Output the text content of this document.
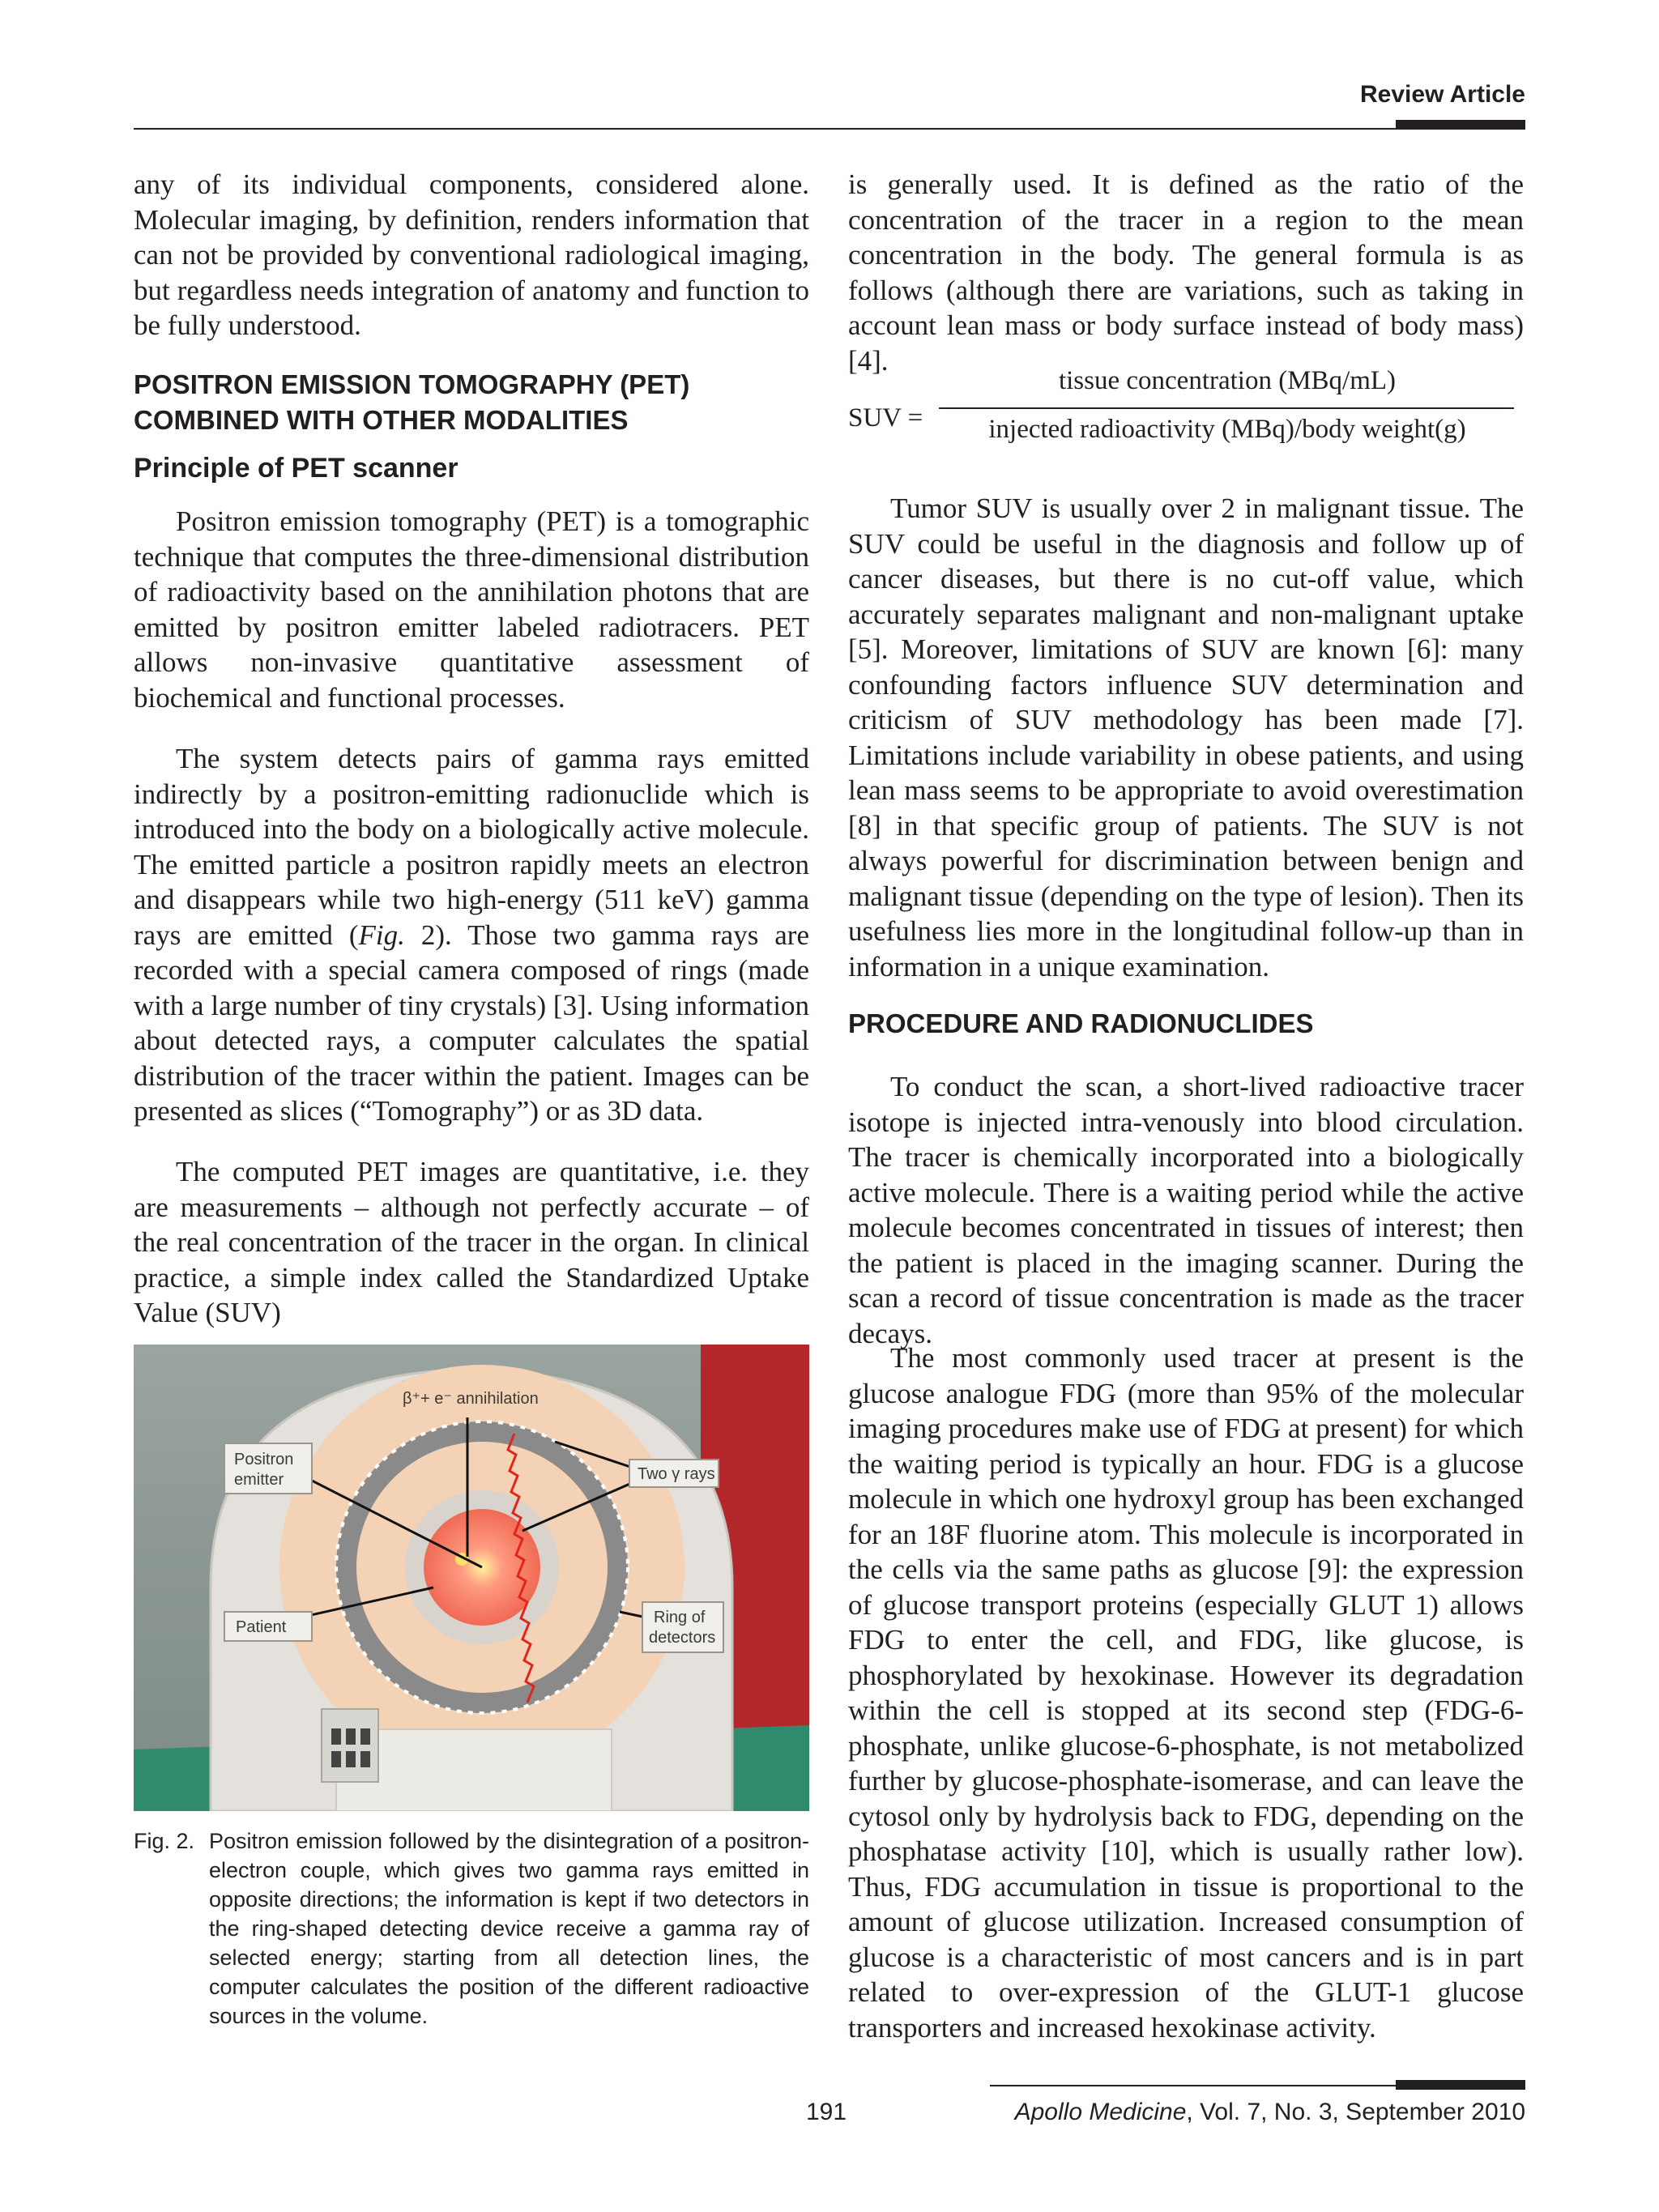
Review Article

any of its individual components, considered alone. Molecular imaging, by definition, renders information that can not be provided by conventional radiological imaging, but regardless needs integration of anatomy and function to be fully understood.

POSITRON EMISSION TOMOGRAPHY (PET) COMBINED WITH OTHER MODALITIES
Principle of PET scanner

Positron emission tomography (PET) is a tomographic technique that computes the three-dimensional distribution of radioactivity based on the annihilation photons that are emitted by positron emitter labeled radiotracers. PET allows non-invasive quantitative assessment of biochemical and functional processes.

The system detects pairs of gamma rays emitted indirectly by a positron-emitting radionuclide which is introduced into the body on a biologically active molecule. The emitted particle a positron rapidly meets an electron and disappears while two high-energy (511 keV) gamma rays are emitted (Fig. 2). Those two gamma rays are recorded with a special camera composed of rings (made with a large number of tiny crystals) [3]. Using information about detected rays, a computer calculates the spatial distribution of the tracer within the patient. Images can be presented as slices (“Tomography”) or as 3D data.

The computed PET images are quantitative, i.e. they are measurements – although not perfectly accurate – of the real concentration of the tracer in the organ. In clinical practice, a simple index called the Standardized Uptake Value (SUV)

β⁺+ e⁻ annihilation
Positron
emitter	Two γ rays
Patient
Ring of
detectors
Fig. 2. Positron emission followed by the disintegration of a positron-electron couple, which gives two gamma rays emitted in opposite directions; the information is kept if two detectors in the ring-shaped detecting device receive a gamma ray of selected energy; starting from all detection lines, the computer calculates the position of the different radioactive sources in the volume.

is generally used. It is defined as the ratio of the concentration of the tracer in a region to the mean concentration in the body. The general formula is as follows (although there are variations, such as taking in account lean mass or body surface instead of body mass) [4].

SUV =
tissue concentration (MBq/mL)
injected radioactivity (MBq)/body weight(g)

Tumor SUV is usually over 2 in malignant tissue. The SUV could be useful in the diagnosis and follow up of cancer diseases, but there is no cut-off value, which accurately separates malignant and non-malignant uptake [5]. Moreover, limitations of SUV are known [6]: many confounding factors influence SUV determination and criticism of SUV methodology has been made [7]. Limitations include variability in obese patients, and using lean mass seems to be appropriate to avoid overestimation [8] in that specific group of patients. The SUV is not always powerful for discrimination between benign and malignant tissue (depending on the type of lesion). Then its usefulness lies more in the longitudinal follow-up than in information in a unique examination.

PROCEDURE AND RADIONUCLIDES

To conduct the scan, a short-lived radioactive tracer isotope is injected intra-venously into blood circulation. The tracer is chemically incorporated into a biologically active molecule. There is a waiting period while the active molecule becomes concentrated in tissues of interest; then the patient is placed in the imaging scanner. During the scan a record of tissue concentration is made as the tracer decays.

The most commonly used tracer at present is the glucose analogue FDG (more than 95% of the molecular imaging procedures make use of FDG at present) for which the waiting period is typically an hour. FDG is a glucose molecule in which one hydroxyl group has been exchanged for an 18F fluorine atom. This molecule is incorporated in the cells via the same paths as glucose [9]: the expression of glucose transport proteins (especially GLUT 1) allows FDG to enter the cell, and FDG, like glucose, is phosphorylated by hexokinase. However its degradation within the cell is stopped at its second step (FDG-6-phosphate, unlike glucose-6-phosphate, is not metabolized further by glucose-phosphate-isomerase, and can leave the cytosol only by hydrolysis back to FDG, depending on the phosphatase activity [10], which is usually rather low). Thus, FDG accumulation in tissue is proportional to the amount of glucose utilization. Increased consumption of glucose is a characteristic of most cancers and is in part related to over-expression of the GLUT-1 glucose transporters and increased hexokinase activity.

191	Apollo Medicine, Vol. 7, No. 3, September 2010
